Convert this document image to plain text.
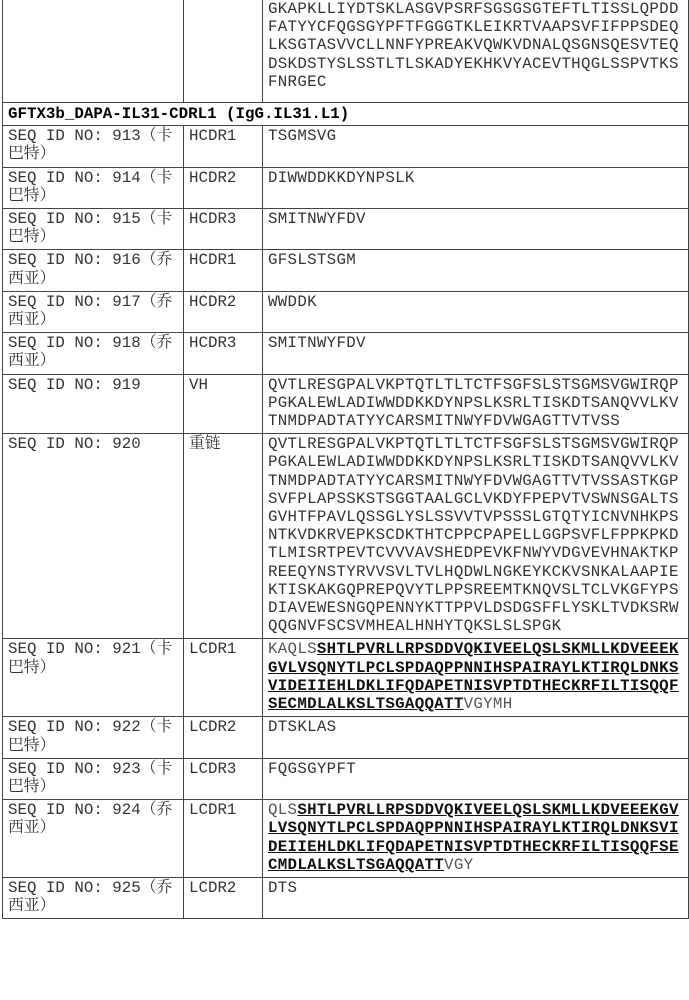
		GKAPKLLIYDTSKLASGVPSRFSGSGSGTEFTLTISSLQPDDFATYYCFQGSGYPFTFGGGTKLEIKRTVAAPSVFIFPPSDEQLKSGTASVVCLLNNFYPREAKVQWKVDNALQSGNSQESVTEQDSKDSTYSLSSTLTLSKADYEKHKVYACEVTHQGLSSPVTKSFNRGEC
GFTX3b_DAPA-IL31-CDRL1 (IgG.IL31.L1)
SEQ ID NO: 913（卡巴特）	HCDR1	TSGMSVG
SEQ ID NO: 914（卡巴特）	HCDR2	DIWWDDKKDYNPSLK
SEQ ID NO: 915（卡巴特）	HCDR3	SMITNWYFDV
SEQ ID NO: 916（乔西亚）	HCDR1	GFSLSTSGM
SEQ ID NO: 917（乔西亚）	HCDR2	WWDDK
SEQ ID NO: 918（乔西亚）	HCDR3	SMITNWYFDV
SEQ ID NO: 919	VH	QVTLRESGPALVKPTQTLTLTCTFSGFSLSTSGMSVGWIRQPPGKALEWLADIWWDDKKDYNPSLKSRLTISKDTSANQVVLKVTNMDPADTATYYCARSMITNWYFDVWGAGTTVTVSS
SEQ ID NO: 920	重链	QVTLRESGPALVKPTQTLTLTCTFSGFSLSTSGMSVGWIRQPPGKALEWLADIWWDDKKDYNPSLKSRLTISKDTSANQVVLKVTNMDPADTATYYCARSMITNWYFDVWGAGTTVTVSSASTKGPSVFPLAPSSKSTSGGTAALGCLVKDYFPEPVTVSWNSGALTSGVHTFPAVLQSSGLYSLSSVVTVPSSSLGTQTYICNVNHKPSNTKVDKRVEPKSCDKTHTCPPCPAPELLGGPSVFLFPPKPKDTLMISRTPEVTCVVVAVSHEDPEVKFNWYVDGVEVHNAKTKPREEQYNSTYRVVSVLTVLHQDWLNGKEYKCKVSNKALAAPIEKTISKAKGQPREPQVYTLPPSREEMTKNQVSLTCLVKGFYPSDIAVEWESNGQPENNYKTTPPVLDSDGSFFLYSKLTVDKSRWQQGNVFSCSVMHEALHNHYTQKSLSLSPGK
SEQ ID NO: 921（卡巴特）	LCDR1	KAQLSSHTLPVRLLRPSDDVQKIVEELQSLSKMLLKDVEEEKGVLVSQNYTLPCLSPDAQPPNNIHSPAIRAYLKTIRQLDNKSVIDEIIEHLDKLIFQDAPETNISVPTDTHECKRFILTISQQFSECMDLALKSLTSGAQQATTVGYMH
SEQ ID NO: 922（卡巴特）	LCDR2	DTSKLAS
SEQ ID NO: 923（卡巴特）	LCDR3	FQGSGYPFT
SEQ ID NO: 924（乔西亚）	LCDR1	QLSSHTLPVRLLRPSDDVQKIVEELQSLSKMLLKDVEEEKGVLVSQNYTLPCLSPDAQPPNNIHSPAIRAYLKTIRQLDNKSVIDEIIEHLDKLIFQDAPETNISVPTDTHECKRFILTISQQFSECMDLALKSLTSGAQQATTVGY
SEQ ID NO: 925（乔西亚）	LCDR2	DTS
